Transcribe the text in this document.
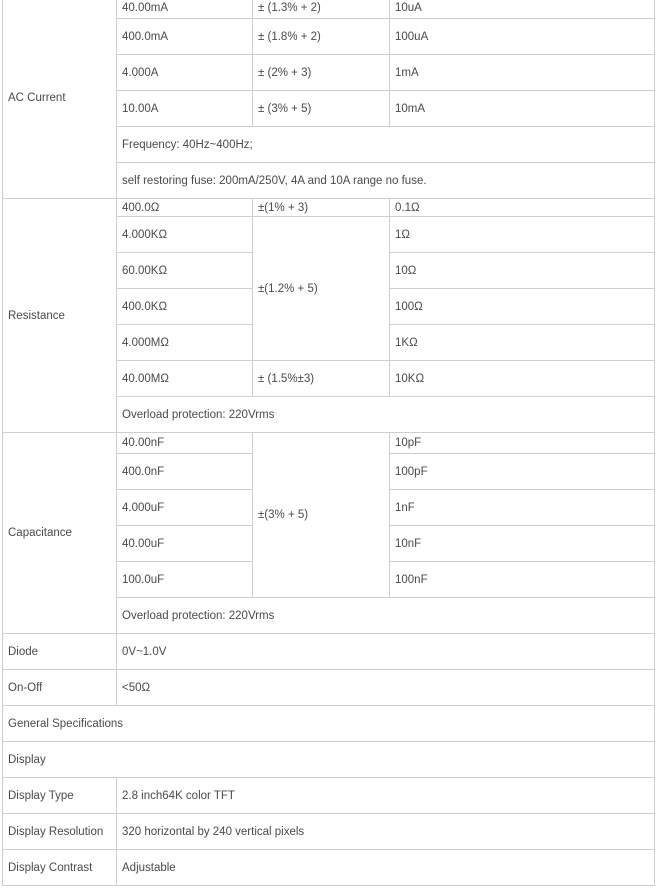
AC Current	40.00mA	± (1.3% + 2)	10uA
	400.0mA	± (1.8% + 2)	100uA
	4.000A	± (2% + 3)	1mA
	10.00A	± (3% + 5)	10mA
	Frequency: 40Hz~400Hz;		
	self restoring fuse: 200mA/250V, 4A and 10A range no fuse.		
Resistance	400.0Ω	±(1% + 3)	0.1Ω
	4.000KΩ	±(1.2% + 5)	1Ω
	60.00KΩ		10Ω
	400.0KΩ		100Ω
	4.000MΩ		1KΩ
	40.00MΩ	± (1.5%±3)	10KΩ
	Overload protection: 220Vrms		
Capacitance	40.00nF	±(3% + 5)	10pF
	400.0nF		100pF
	4.000uF		1nF
	40.00uF		10nF
	100.0uF		100nF
	Overload protection: 220Vrms		
Diode	0V~1.0V		
On-Off	<50Ω		
General Specifications			
Display			
Display Type	2.8 inch64K color TFT		
Display Resolution	320 horizontal by 240 vertical pixels		
Display Contrast	Adjustable		
